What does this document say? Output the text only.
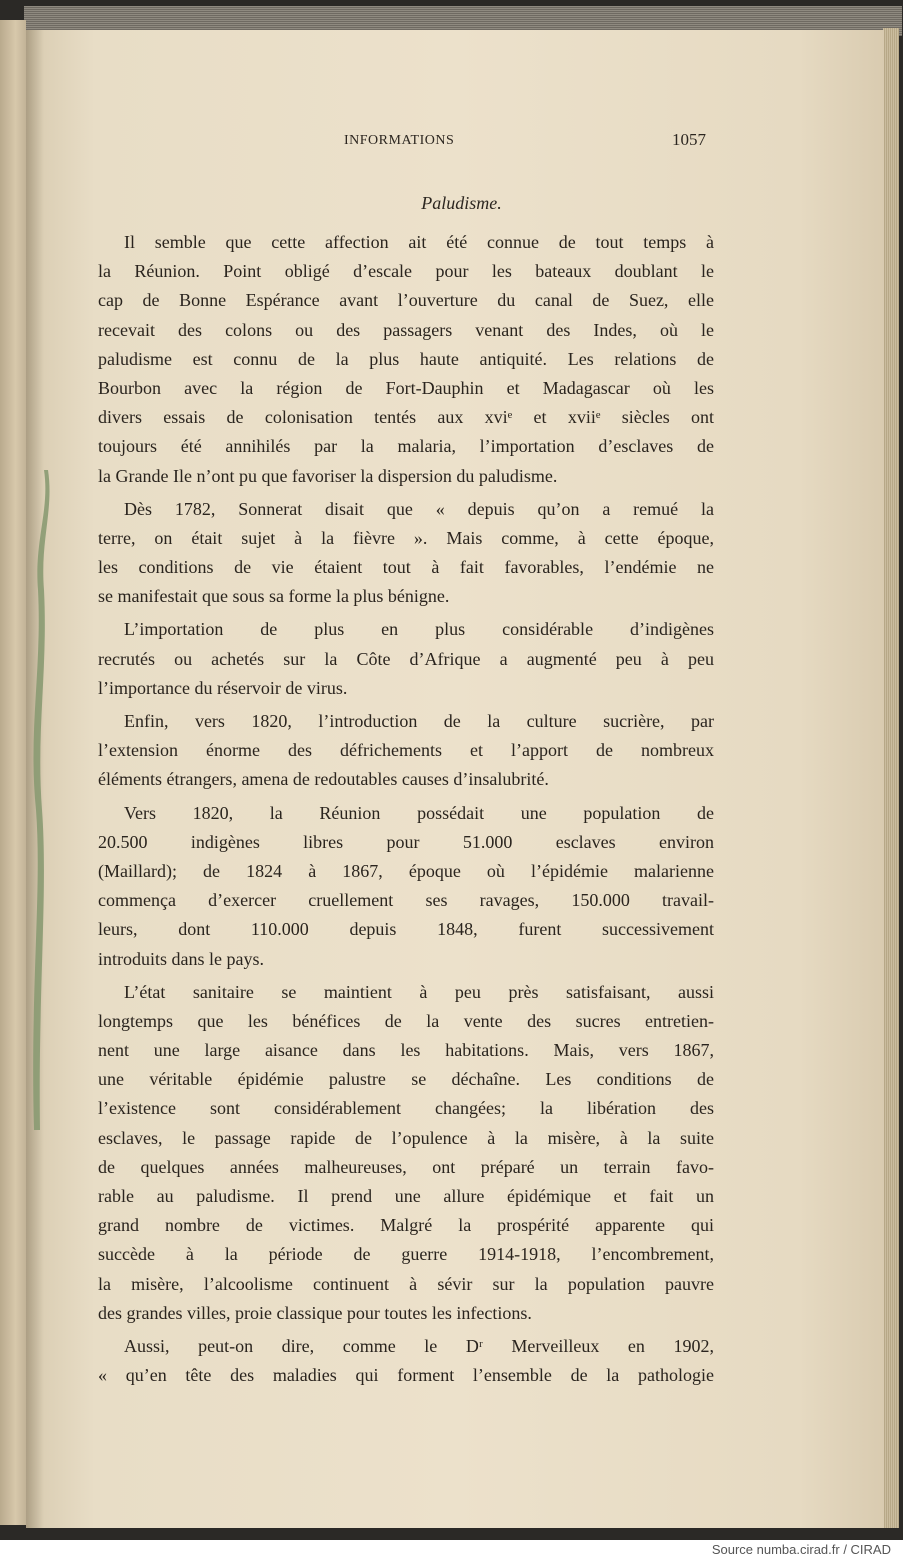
INFORMATIONS	1057
Paludisme.
Il semble que cette affection ait été connue de tout temps à
la Réunion. Point obligé d’escale pour les bateaux doublant le
cap de Bonne Espérance avant l’ouverture du canal de Suez, elle
recevait des colons ou des passagers venant des Indes, où le
paludisme est connu de la plus haute antiquité. Les relations de
Bourbon avec la région de Fort-Dauphin et Madagascar où les
divers essais de colonisation tentés aux xviᵉ et xviiᵉ siècles ont
toujours été annihilés par la malaria, l’importation d’esclaves de
la Grande Ile n’ont pu que favoriser la dispersion du paludisme.
Dès 1782, Sonnerat disait que « depuis qu’on a remué la
terre, on était sujet à la fièvre ». Mais comme, à cette époque,
les conditions de vie étaient tout à fait favorables, l’endémie ne
se manifestait que sous sa forme la plus bénigne.
L’importation de plus en plus considérable d’indigènes
recrutés ou achetés sur la Côte d’Afrique a augmenté peu à peu
l’importance du réservoir de virus.
Enfin, vers 1820, l’introduction de la culture sucrière, par
l’extension énorme des défrichements et l’apport de nombreux
éléments étrangers, amena de redoutables causes d’insalubrité.
Vers 1820, la Réunion possédait une population de
20.500 indigènes libres pour 51.000 esclaves environ
(Maillard); de 1824 à 1867, époque où l’épidémie malarienne
commença d’exercer cruellement ses ravages, 150.000 travail-
leurs, dont 110.000 depuis 1848, furent successivement
introduits dans le pays.
L’état sanitaire se maintient à peu près satisfaisant, aussi
longtemps que les bénéfices de la vente des sucres entretien-
nent une large aisance dans les habitations. Mais, vers 1867,
une véritable épidémie palustre se déchaîne. Les conditions de
l’existence sont considérablement changées; la libération des
esclaves, le passage rapide de l’opulence à la misère, à la suite
de quelques années malheureuses, ont préparé un terrain favo-
rable au paludisme. Il prend une allure épidémique et fait un
grand nombre de victimes. Malgré la prospérité apparente qui
succède à la période de guerre 1914-1918, l’encombrement,
la misère, l’alcoolisme continuent à sévir sur la population pauvre
des grandes villes, proie classique pour toutes les infections.
Aussi, peut-on dire, comme le Dʳ Merveilleux en 1902,
« qu’en tête des maladies qui forment l’ensemble de la pathologie
Source numba.cirad.fr / CIRAD
